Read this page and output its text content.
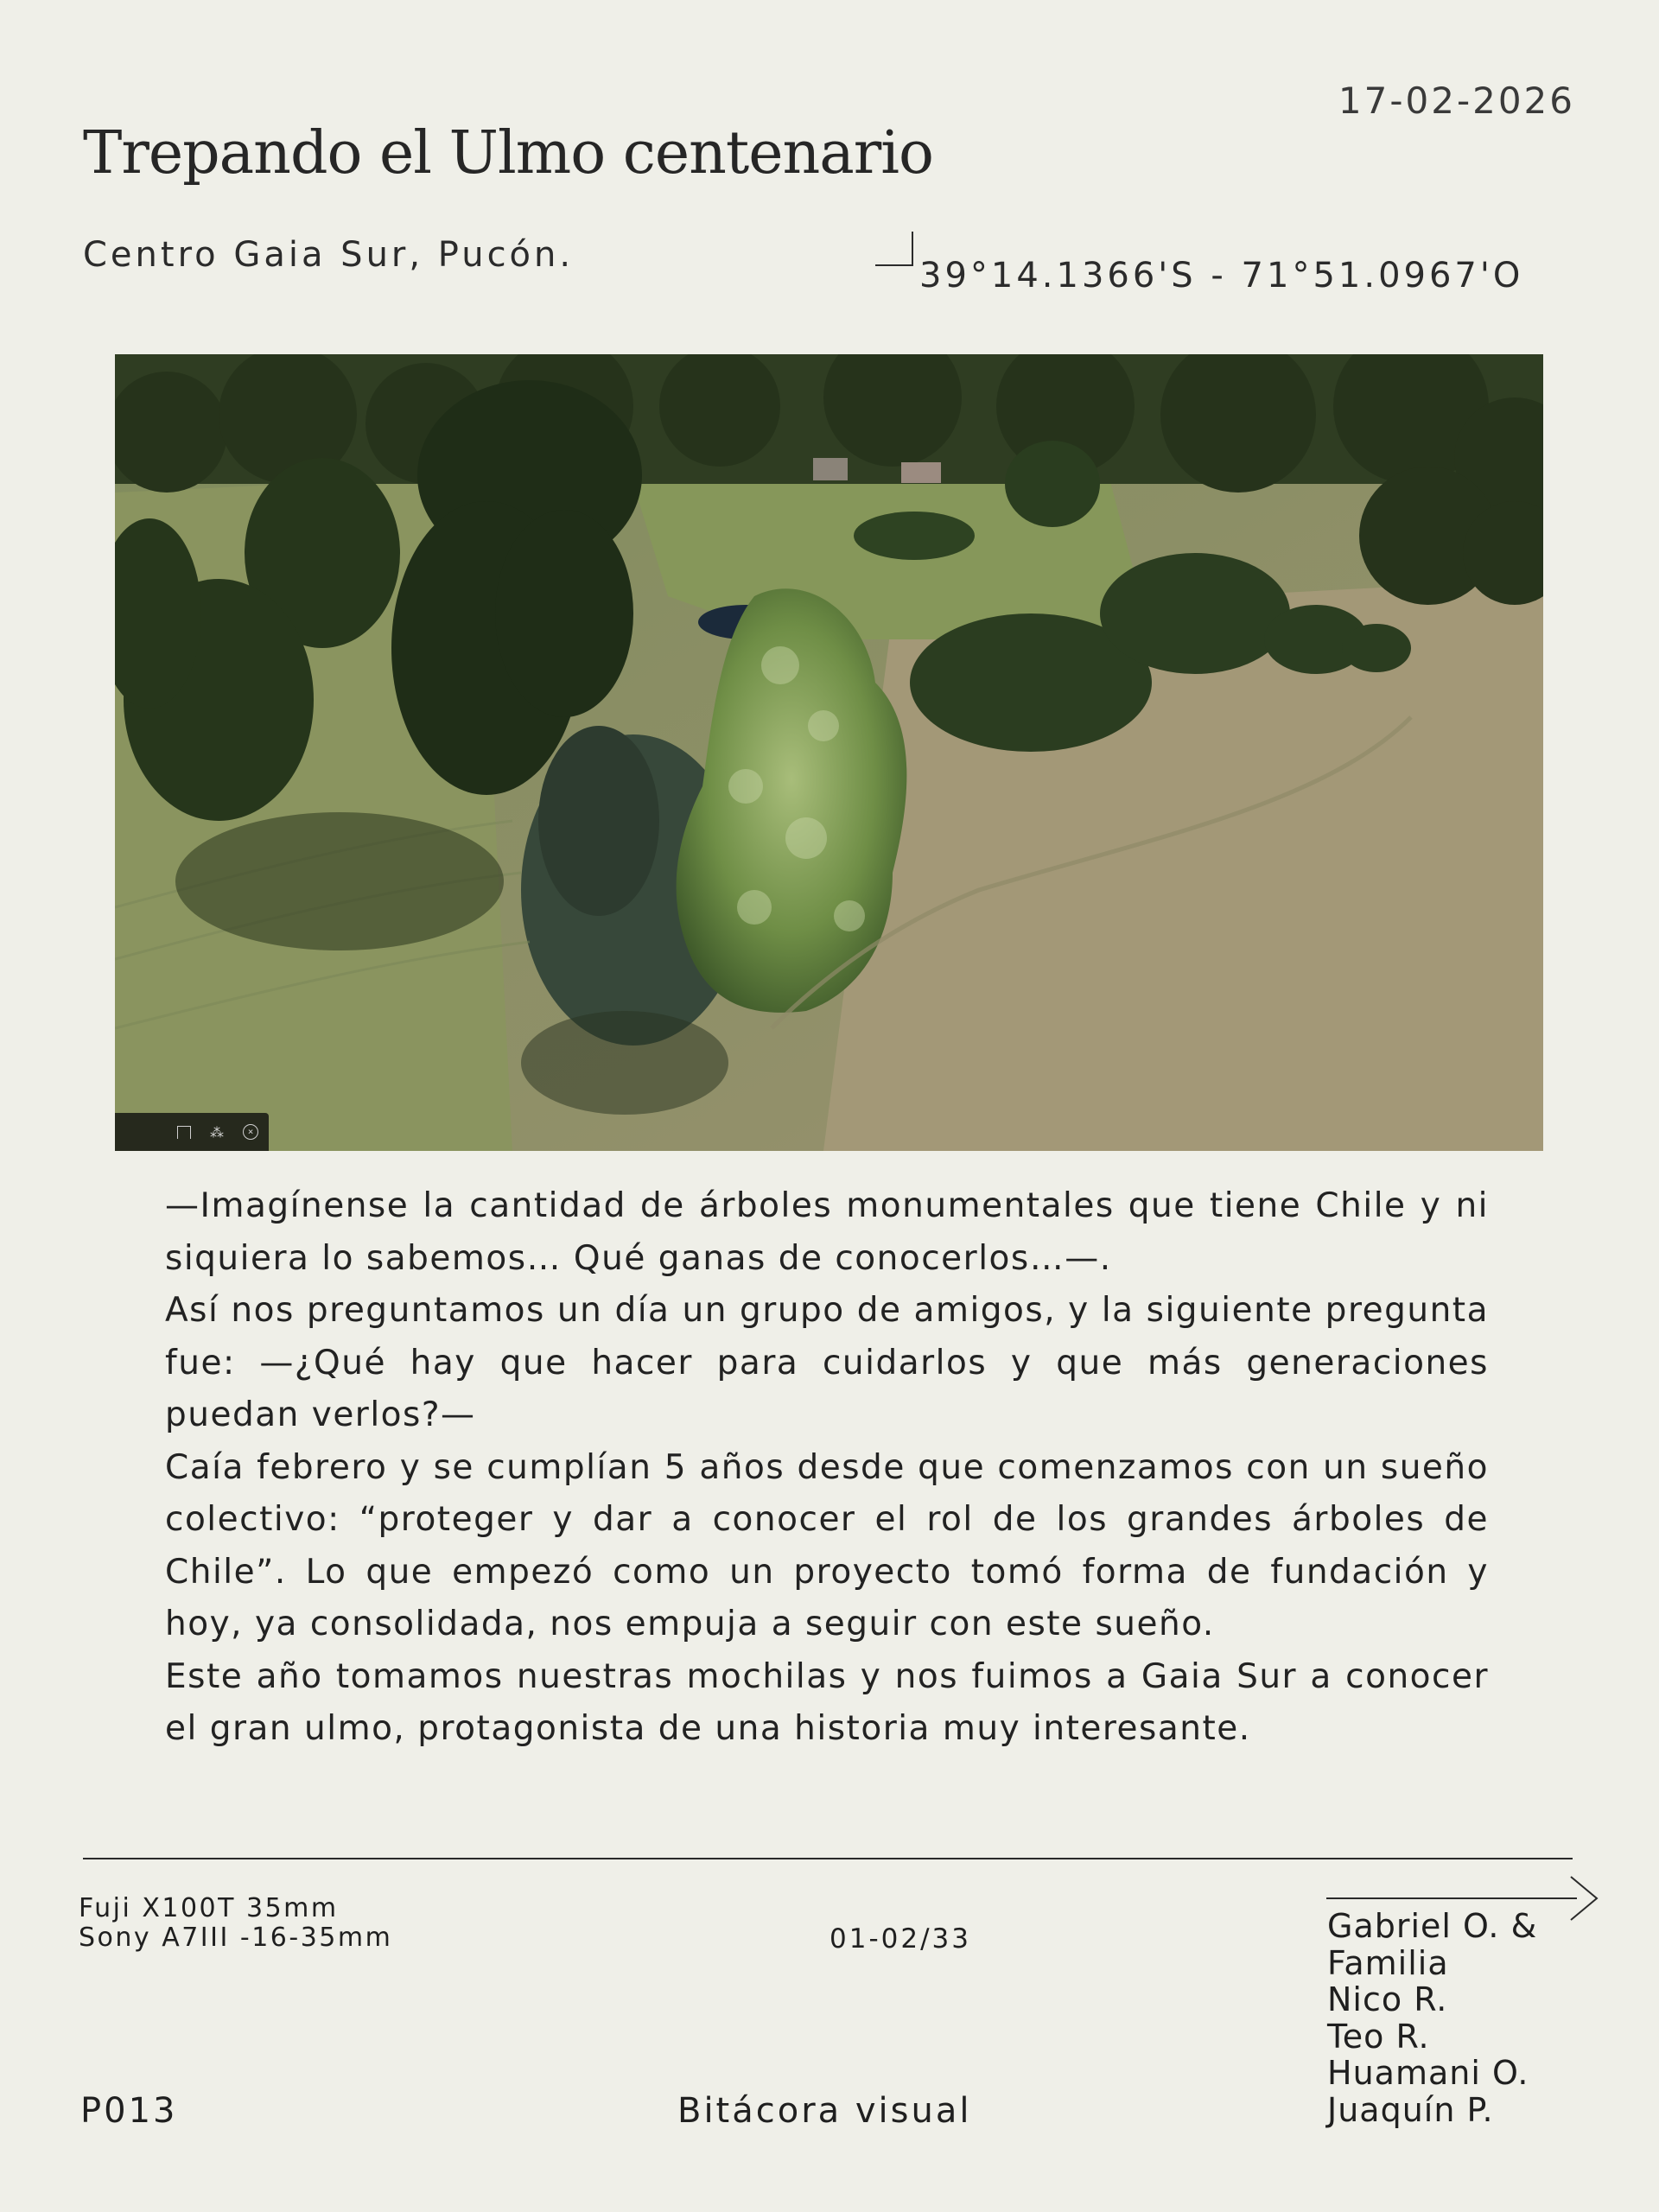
17-02-2026
Trepando el Ulmo centenario
Centro Gaia Sur, Pucón.
39°14.1366'S - 71°51.0967'O
⁂	×

—Imagínense la cantidad de árboles monumentales que tiene Chile y ni siquiera lo sabemos… Qué ganas de conocerlos…—.

Así nos preguntamos un día un grupo de amigos, y la siguiente pregunta fue: —¿Qué hay que hacer para cuidarlos y que más generaciones puedan verlos?—

Caía febrero y se cumplían 5 años desde que comenzamos con un sueño colectivo: “proteger y dar a conocer el rol de los grandes árboles de Chile”. Lo que empezó como un proyecto tomó forma de fundación y hoy, ya consolidada, nos empuja a seguir con este sueño.

Este año tomamos nuestras mochilas y nos fuimos a Gaia Sur a conocer el gran ulmo, protagonista de una historia muy interesante.

Fuji X100T 35mm
Sony A7III -16-35mm	01-02/33	Gabriel O. &
Familia
Nico R.
Teo R.
Huamani O.
Juaquín P.
P013	Bitácora visual
